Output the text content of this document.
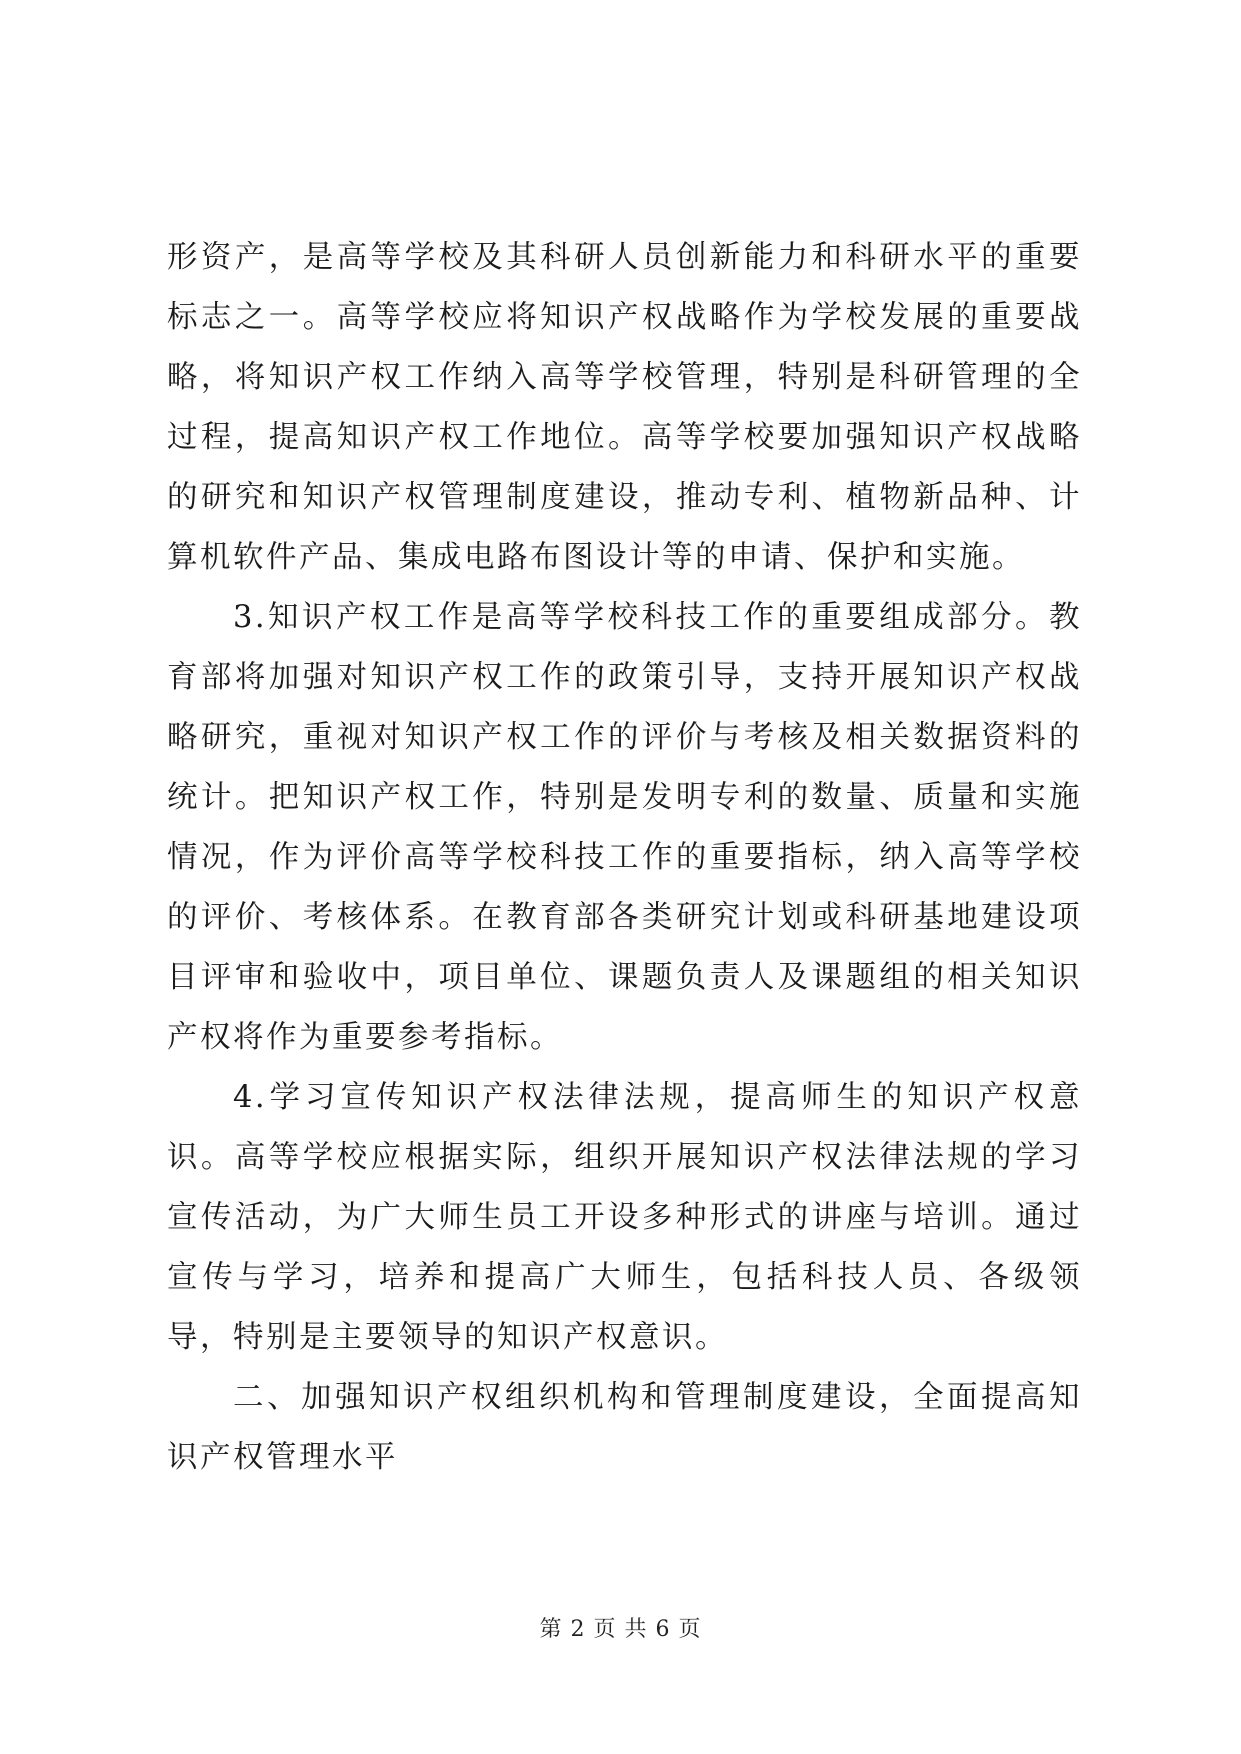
形资产，是高等学校及其科研人员创新能力和科研水平的重要标志之一。高等学校应将知识产权战略作为学校发展的重要战略，将知识产权工作纳入高等学校管理，特别是科研管理的全过程，提高知识产权工作地位。高等学校要加强知识产权战略的研究和知识产权管理制度建设，推动专利、植物新品种、计算机软件产品、集成电路布图设计等的申请、保护和实施。

3.知识产权工作是高等学校科技工作的重要组成部分。教育部将加强对知识产权工作的政策引导，支持开展知识产权战略研究，重视对知识产权工作的评价与考核及相关数据资料的统计。把知识产权工作，特别是发明专利的数量、质量和实施情况，作为评价高等学校科技工作的重要指标，纳入高等学校的评价、考核体系。在教育部各类研究计划或科研基地建设项目评审和验收中，项目单位、课题负责人及课题组的相关知识产权将作为重要参考指标。

4.学习宣传知识产权法律法规，提高师生的知识产权意识。高等学校应根据实际，组织开展知识产权法律法规的学习宣传活动，为广大师生员工开设多种形式的讲座与培训。通过宣传与学习，培养和提高广大师生，包括科技人员、各级领导，特别是主要领导的知识产权意识。

二、加强知识产权组织机构和管理制度建设，全面提高知识产权管理水平

第 2 页 共 6 页
